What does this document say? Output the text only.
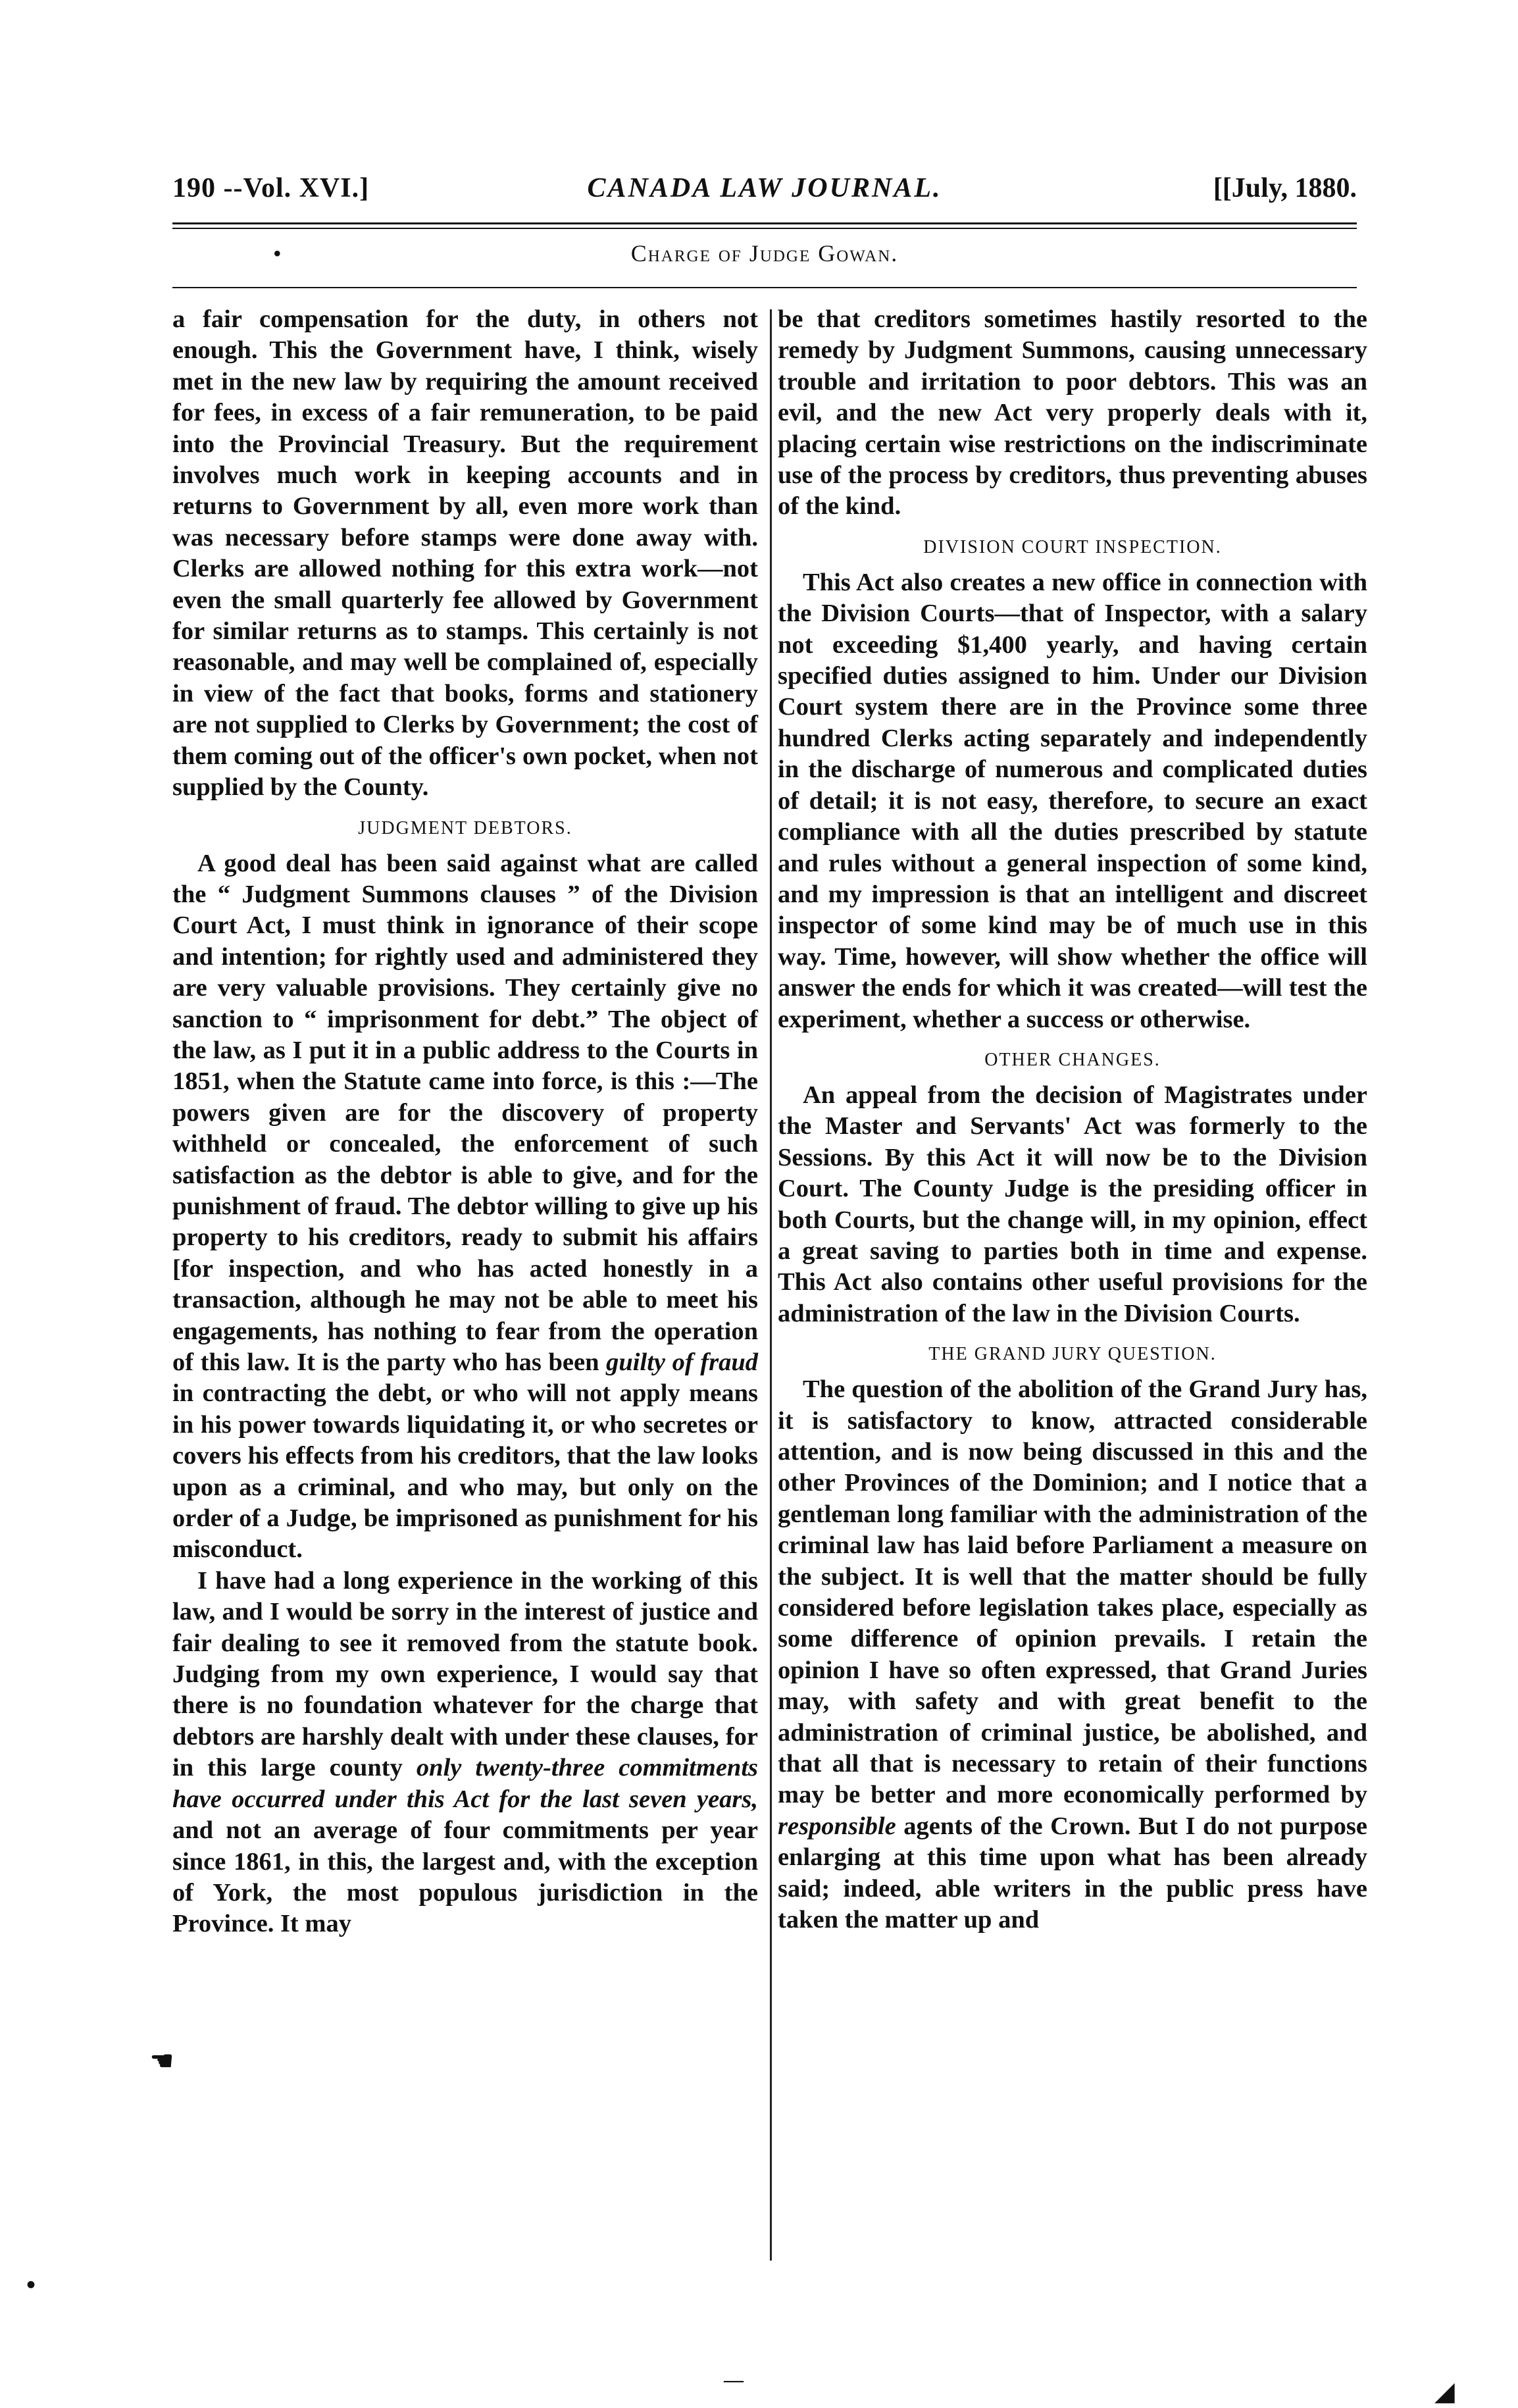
190 --Vol. XVI.]	CANADA LAW JOURNAL.	[[July, 1880.
•	Charge of Judge Gowan.

a fair compensation for the duty, in others not enough. This the Government have, I think, wisely met in the new law by requiring the amount received for fees, in excess of a fair remuneration, to be paid into the Provincial Treasury. But the requirement involves much work in keeping accounts and in returns to Government by all, even more work than was necessary before stamps were done away with. Clerks are allowed nothing for this extra work—not even the small quarterly fee allowed by Government for similar returns as to stamps. This certainly is not reasonable, and may well be complained of, especially in view of the fact that books, forms and stationery are not supplied to Clerks by Government; the cost of them coming out of the officer's own pocket, when not supplied by the County.

JUDGMENT DEBTORS.

A good deal has been said against what are called the “ Judgment Summons clauses ” of the Division Court Act, I must think in ignorance of their scope and intention; for rightly used and administered they are very valuable provisions. They certainly give no sanction to “ imprisonment for debt.” The object of the law, as I put it in a public address to the Courts in 1851, when the Statute came into force, is this :—The powers given are for the discovery of property withheld or concealed, the enforcement of such satisfaction as the debtor is able to give, and for the punishment of fraud. The debtor willing to give up his property to his creditors, ready to submit his affairs [for inspection, and who has acted honestly in a transaction, although he may not be able to meet his engagements, has nothing to fear from the operation of this law. It is the party who has been guilty of fraud in contracting the debt, or who will not apply means in his power towards liquidating it, or who secretes or covers his effects from his creditors, that the law looks upon as a criminal, and who may, but only on the order of a Judge, be imprisoned as punishment for his misconduct.

I have had a long experience in the working of this law, and I would be sorry in the interest of justice and fair dealing to see it removed from the statute book. Judging from my own experience, I would say that there is no foundation whatever for the charge that debtors are harshly dealt with under these clauses, for in this large county only twenty-three commitments have occurred under this Act for the last seven years, and not an average of four commitments per year since 1861, in this, the largest and, with the exception of York, the most populous jurisdiction in the Province. It may

be that creditors sometimes hastily resorted to the remedy by Judgment Summons, causing unnecessary trouble and irritation to poor debtors. This was an evil, and the new Act very properly deals with it, placing certain wise restrictions on the indiscriminate use of the process by creditors, thus preventing abuses of the kind.

DIVISION COURT INSPECTION.

This Act also creates a new office in connection with the Division Courts—that of Inspector, with a salary not exceeding $1,400 yearly, and having certain specified duties assigned to him. Under our Division Court system there are in the Province some three hundred Clerks acting separately and independently in the discharge of numerous and complicated duties of detail; it is not easy, therefore, to secure an exact compliance with all the duties prescribed by statute and rules without a general inspection of some kind, and my impression is that an intelligent and discreet inspector of some kind may be of much use in this way. Time, however, will show whether the office will answer the ends for which it was created—will test the experiment, whether a success or otherwise.

OTHER CHANGES.

An appeal from the decision of Magistrates under the Master and Servants' Act was formerly to the Sessions. By this Act it will now be to the Division Court. The County Judge is the presiding officer in both Courts, but the change will, in my opinion, effect a great saving to parties both in time and expense. This Act also contains other useful provisions for the administration of the law in the Division Courts.

THE GRAND JURY QUESTION.

The question of the abolition of the Grand Jury has, it is satisfactory to know, attracted considerable attention, and is now being discussed in this and the other Provinces of the Dominion; and I notice that a gentleman long familiar with the administration of the criminal law has laid before Parliament a measure on the subject. It is well that the matter should be fully considered before legislation takes place, especially as some difference of opinion prevails. I retain the opinion I have so often expressed, that Grand Juries may, with safety and with great benefit to the administration of criminal justice, be abolished, and that all that is necessary to retain of their functions may be better and more economically performed by responsible agents of the Crown. But I do not purpose enlarging at this time upon what has been already said; indeed, able writers in the public press have taken the matter up and

☚
•
—	◢
